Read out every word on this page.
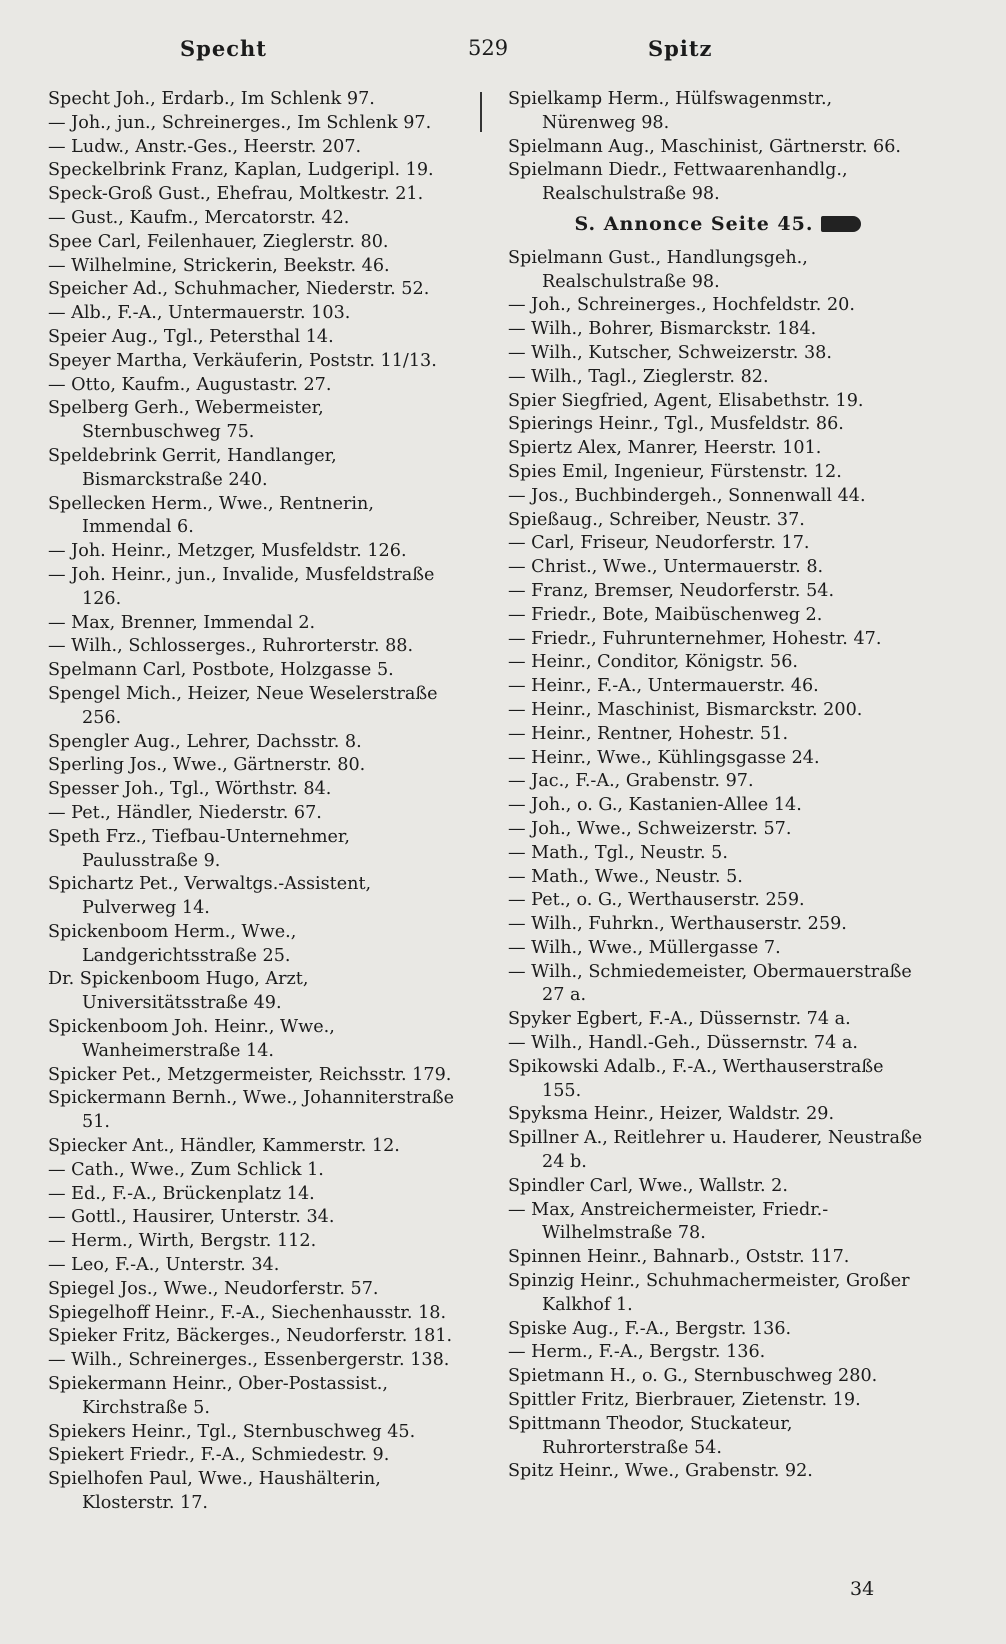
Specht	529	Spitz
Specht Joh., Erdarb., Im Schlenk 97.
— Joh., jun., Schreinerges., Im Schlenk 97.
— Ludw., Anstr.-Ges., Heerstr. 207.
Speckelbrink Franz, Kaplan, Ludgeripl. 19.
Speck-Groß Gust., Ehefrau, Moltkestr. 21.
— Gust., Kaufm., Mercatorstr. 42.
Spee Carl, Feilenhauer, Zieglerstr. 80.
— Wilhelmine, Strickerin, Beekstr. 46.
Speicher Ad., Schuhmacher, Niederstr. 52.
— Alb., F.-A., Untermauerstr. 103.
Speier Aug., Tgl., Petersthal 14.
Speyer Martha, Verkäuferin, Poststr. 11/13.
— Otto, Kaufm., Augustastr. 27.
Spelberg Gerh., Webermeister, Sternbuschweg 75.
Speldebrink Gerrit, Handlanger, Bismarckstraße 240.
Spellecken Herm., Wwe., Rentnerin, Immendal 6.
— Joh. Heinr., Metzger, Musfeldstr. 126.
— Joh. Heinr., jun., Invalide, Musfeldstraße 126.
— Max, Brenner, Immendal 2.
— Wilh., Schlosserges., Ruhrorterstr. 88.
Spelmann Carl, Postbote, Holzgasse 5.
Spengel Mich., Heizer, Neue Weselerstraße 256.
Spengler Aug., Lehrer, Dachsstr. 8.
Sperling Jos., Wwe., Gärtnerstr. 80.
Spesser Joh., Tgl., Wörthstr. 84.
— Pet., Händler, Niederstr. 67.
Speth Frz., Tiefbau-Unternehmer, Paulusstraße 9.
Spichartz Pet., Verwaltgs.-Assistent, Pulverweg 14.
Spickenboom Herm., Wwe., Landgerichtsstraße 25.
Dr. Spickenboom Hugo, Arzt, Universitätsstraße 49.
Spickenboom Joh. Heinr., Wwe., Wanheimerstraße 14.
Spicker Pet., Metzgermeister, Reichsstr. 179.
Spickermann Bernh., Wwe., Johanniterstraße 51.
Spiecker Ant., Händler, Kammerstr. 12.
— Cath., Wwe., Zum Schlick 1.
— Ed., F.-A., Brückenplatz 14.
— Gottl., Hausirer, Unterstr. 34.
— Herm., Wirth, Bergstr. 112.
— Leo, F.-A., Unterstr. 34.
Spiegel Jos., Wwe., Neudorferstr. 57.
Spiegelhoff Heinr., F.-A., Siechenhausstr. 18.
Spieker Fritz, Bäckerges., Neudorferstr. 181.
— Wilh., Schreinerges., Essenbergerstr. 138.
Spiekermann Heinr., Ober-Postassist., Kirchstraße 5.
Spiekers Heinr., Tgl., Sternbuschweg 45.
Spiekert Friedr., F.-A., Schmiedestr. 9.
Spielhofen Paul, Wwe., Haushälterin, Klosterstr. 17.
Spielkamp Herm., Hülfswagenmstr., Nürenweg 98.
Spielmann Aug., Maschinist, Gärtnerstr. 66.
Spielmann Diedr., Fettwaarenhandlg., Realschulstraße 98.
S. Annonce Seite 45.
Spielmann Gust., Handlungsgeh., Realschulstraße 98.
— Joh., Schreinerges., Hochfeldstr. 20.
— Wilh., Bohrer, Bismarckstr. 184.
— Wilh., Kutscher, Schweizerstr. 38.
— Wilh., Tagl., Zieglerstr. 82.
Spier Siegfried, Agent, Elisabethstr. 19.
Spierings Heinr., Tgl., Musfeldstr. 86.
Spiertz Alex, Manrer, Heerstr. 101.
Spies Emil, Ingenieur, Fürstenstr. 12.
— Jos., Buchbindergeh., Sonnenwall 44.
Spießaug., Schreiber, Neustr. 37.
— Carl, Friseur, Neudorferstr. 17.
— Christ., Wwe., Untermauerstr. 8.
— Franz, Bremser, Neudorferstr. 54.
— Friedr., Bote, Maibüschenweg 2.
— Friedr., Fuhrunternehmer, Hohestr. 47.
— Heinr., Conditor, Königstr. 56.
— Heinr., F.-A., Untermauerstr. 46.
— Heinr., Maschinist, Bismarckstr. 200.
— Heinr., Rentner, Hohestr. 51.
— Heinr., Wwe., Kühlingsgasse 24.
— Jac., F.-A., Grabenstr. 97.
— Joh., o. G., Kastanien-Allee 14.
— Joh., Wwe., Schweizerstr. 57.
— Math., Tgl., Neustr. 5.
— Math., Wwe., Neustr. 5.
— Pet., o. G., Werthauserstr. 259.
— Wilh., Fuhrkn., Werthauserstr. 259.
— Wilh., Wwe., Müllergasse 7.
— Wilh., Schmiedemeister, Obermauerstraße 27 a.
Spyker Egbert, F.-A., Düssernstr. 74 a.
— Wilh., Handl.-Geh., Düssernstr. 74 a.
Spikowski Adalb., F.-A., Werthauserstraße 155.
Spyksma Heinr., Heizer, Waldstr. 29.
Spillner A., Reitlehrer u. Hauderer, Neustraße 24 b.
Spindler Carl, Wwe., Wallstr. 2.
— Max, Anstreichermeister, Friedr.-Wilhelmstraße 78.
Spinnen Heinr., Bahnarb., Oststr. 117.
Spinzig Heinr., Schuhmachermeister, Großer Kalkhof 1.
Spiske Aug., F.-A., Bergstr. 136.
— Herm., F.-A., Bergstr. 136.
Spietmann H., o. G., Sternbuschweg 280.
Spittler Fritz, Bierbrauer, Zietenstr. 19.
Spittmann Theodor, Stuckateur, Ruhrorterstraße 54.
Spitz Heinr., Wwe., Grabenstr. 92.
34
